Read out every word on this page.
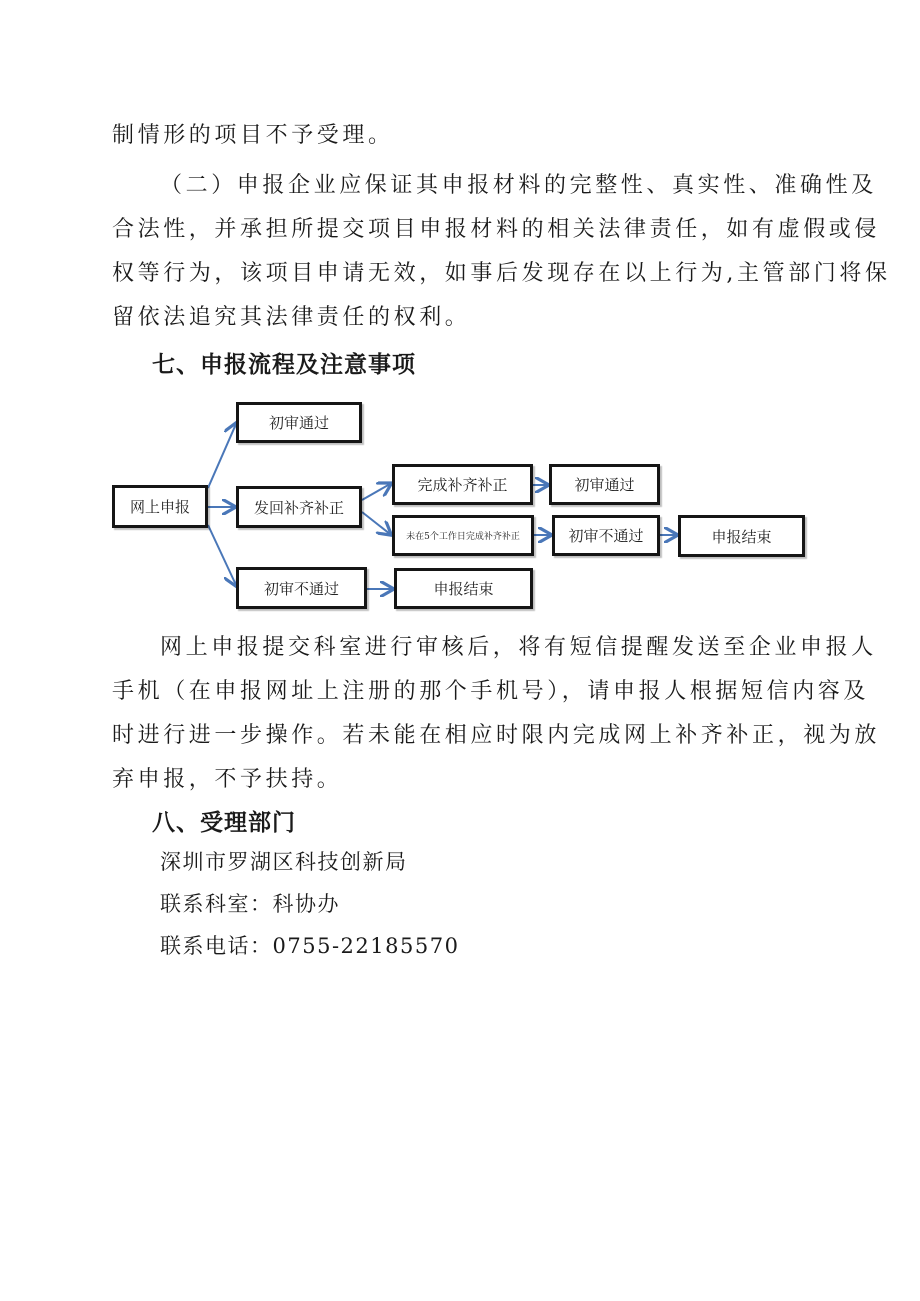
制情形的项目不予受理。
（二）申报企业应保证其申报材料的完整性、真实性、准确性及
合法性，并承担所提交项目申报材料的相关法律责任，如有虚假或侵
权等行为，该项目申请无效，如事后发现存在以上行为,主管部门将保
留依法追究其法律责任的权利。
七、申报流程及注意事项
初审通过
网上申报	发回补齐补正
完成补齐补正	初审通过
未在5个工作日完成补齐补正	初审不通过	申报结束
初审不通过	申报结束
网上申报提交科室进行审核后，将有短信提醒发送至企业申报人
手机（在申报网址上注册的那个手机号），请申报人根据短信内容及
时进行进一步操作。若未能在相应时限内完成网上补齐补正，视为放
弃申报，不予扶持。
八、受理部门
深圳市罗湖区科技创新局
联系科室：科协办
联系电话：0755-22185570
